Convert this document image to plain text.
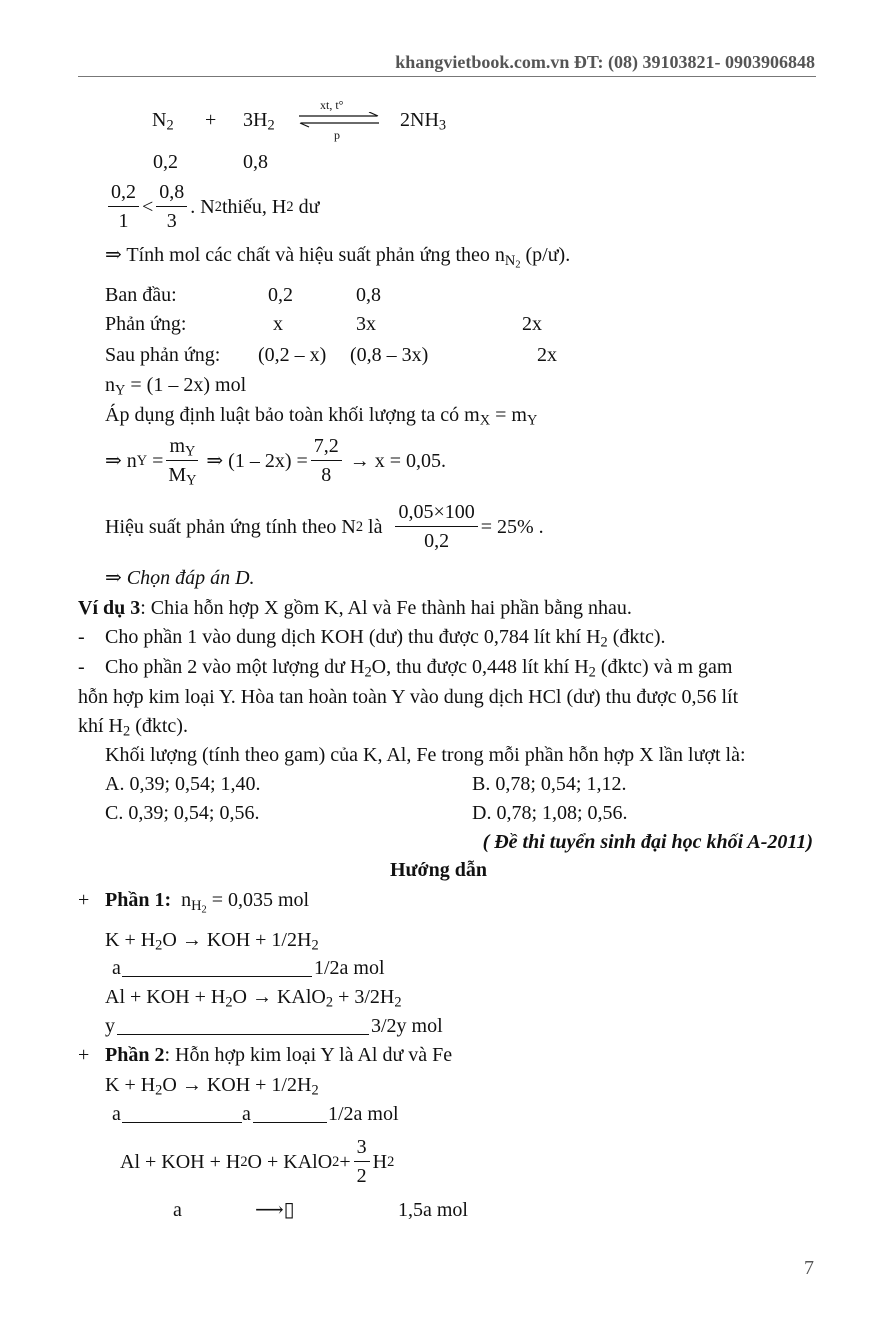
khangvietbook.com.vn ĐT: (08) 39103821- 0903906848
$N_2 + 3H_2$
xt, t°
p
$2NH_3$
0,2	0,8
$\frac{0,2}{1} < \frac{0,8}{3}$ . N 2 thiếu, H 2
dư
⇒ Tính mol các chất và hiệu suất phản ứng theo $n_{N_2}$ (p/ư).
Ban đầu:	0,2	0,8
Phản ứng:	x	3x	2x
Sau phản ứng: (0,2 – x) (0,8 – 3x)	2x
$n_Y = (1 - 2x)$ mol
Áp dụng định luật bảo toàn khối lượng ta có $m_X = m_Y$
⇒ n $Y = \frac{m_Y}{M_Y}$
⇒ $(1 - 2x) = \frac{7,2}{8}$
→ x = 0,05.
Hiệu suất phản ứng tính theo N 2
là
$\frac{0,05\times 100}{0,2} = 25\%$ .
⇒ Chọn đáp án D.
Ví dụ 3: Chia hỗn hợp X gồm K, Al và Fe thành hai phần bằng nhau.
- Cho phần 1 vào dung dịch KOH (dư) thu được 0,784 lít khí $H_2$ (đktc).
- Cho phần 2 vào một lượng dư $H_2O$, thu được 0,448 lít khí $H_2$ (đktc) và m gam
hỗn hợp kim loại Y. Hòa tan hoàn toàn Y vào dung dịch HCl (dư) thu được 0,56 lít
khí $H_2$ (đktc).
Khối lượng (tính theo gam) của K, Al, Fe trong mỗi phần hỗn hợp X lần lượt là:
A. 0,39; 0,54; 1,40.	B. 0,78; 0,54; 1,12.
C. 0,39; 0,54; 0,56.	D. 0,78; 1,08; 0,56.
( Đề thi tuyển sinh đại học khối A-2011)
Hướng dẫn
+ Phần 1: $n_{H_2} = 0,035$ mol
$K + H_2O$ → KOH + $1/2H_2$
a	1/2a mol
Al + KOH + $H_2O$ → KAlO$_2$ + $3/2H_2$
y	3/2y mol
+ Phần 2: Hỗn hợp kim loại Y là Al dư và Fe
$K + H_2O$ → KOH + $1/2H_2$
a	a	1/2a mol
Al + KOH + H 2 O + KAlO $2 + \frac{3}{2}$ H 2
a	⟶▯	1,5a mol
7
